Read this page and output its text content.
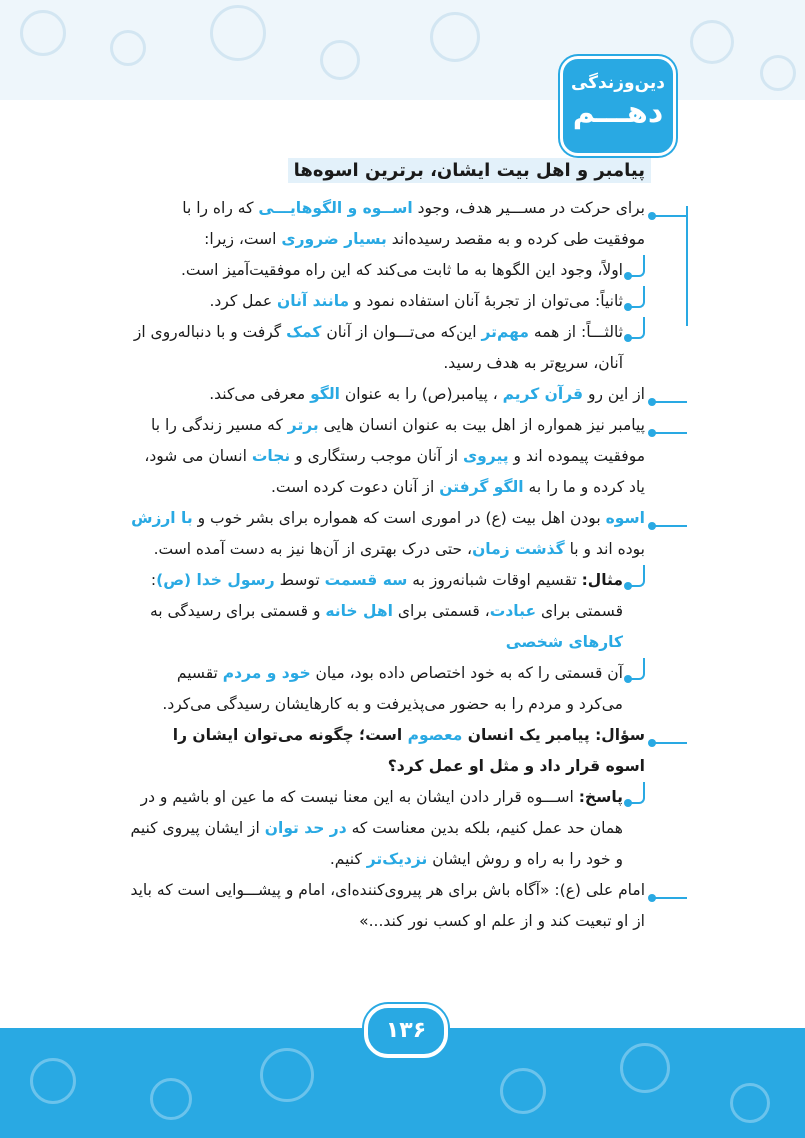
دین‌وزندگی
دهـــم
پیامبر و اهل بیت ایشان، برترین اسوه‌ها
برای حرکت در مســـیر هدف، وجود اســوه و الگوهایـــی که راه را با موفقیت طی کرده و به مقصد رسیده‌اند بسیار ضروری است، زیرا:
اولاً، وجود این الگوها به ما ثابت می‌کند که این راه موفقیت‌آمیز است.
ثانیاً: می‌توان از تجربهٔ آنان استفاده نمود و مانند آنان عمل کرد.
ثالثـــاً: از همه مهم‌تر این‌که می‌تـــوان از آنان کمک گرفت و با دنباله‌روی از آنان، سریع‌تر به هدف رسید.
از این رو قرآن کریم ، پیامبر(ص) را به عنوان الگو معرفی می‌کند.
پیامبر نیز همواره از اهل بیت به عنوان انسان هایی برتر که مسیر زندگی را با موفقیت پیموده اند و پیروی از آنان موجب رستگاری و نجات انسان می شود، یاد کرده و ما را به الگو گرفتن از آنان دعوت کرده است.
اسوه بودن اهل بیت (ع) در اموری است که همواره برای بشر خوب و با ارزش بوده اند و با گذشت زمان، حتی درک بهتری از آن‌ها نیز به دست آمده است.
مثال: تقسیم اوقات شبانه‌روز به سه قسمت توسط رسول خدا (ص): قسمتی برای عبادت، قسمتی برای اهل خانه و قسمتی برای رسیدگی به کارهای شخصی
آن قسمتی را که به خود اختصاص داده بود، میان خود و مردم تقسیم می‌کرد و مردم را به حضور می‌پذیرفت و به کارهایشان رسیدگی می‌کرد.
سؤال: پیامبر یک انسان معصوم است؛ چگونه می‌توان ایشان را اسوه قرار داد و مثل او عمل کرد؟
پاسخ: اســـوه قرار دادن ایشان به این معنا نیست که ما عین او باشیم و در همان حد عمل کنیم، بلکه بدین معناست که در حد توان از ایشان پیروی کنیم و خود را به راه و روش ایشان نزدیک‌تر کنیم.
امام علی (ع): «آگاه باش برای هر پیروی‌کننده‌ای، امام و پیشـــوایی است که باید از او تبعیت کند و از علم او کسب نور کند...»
۱۳۶
